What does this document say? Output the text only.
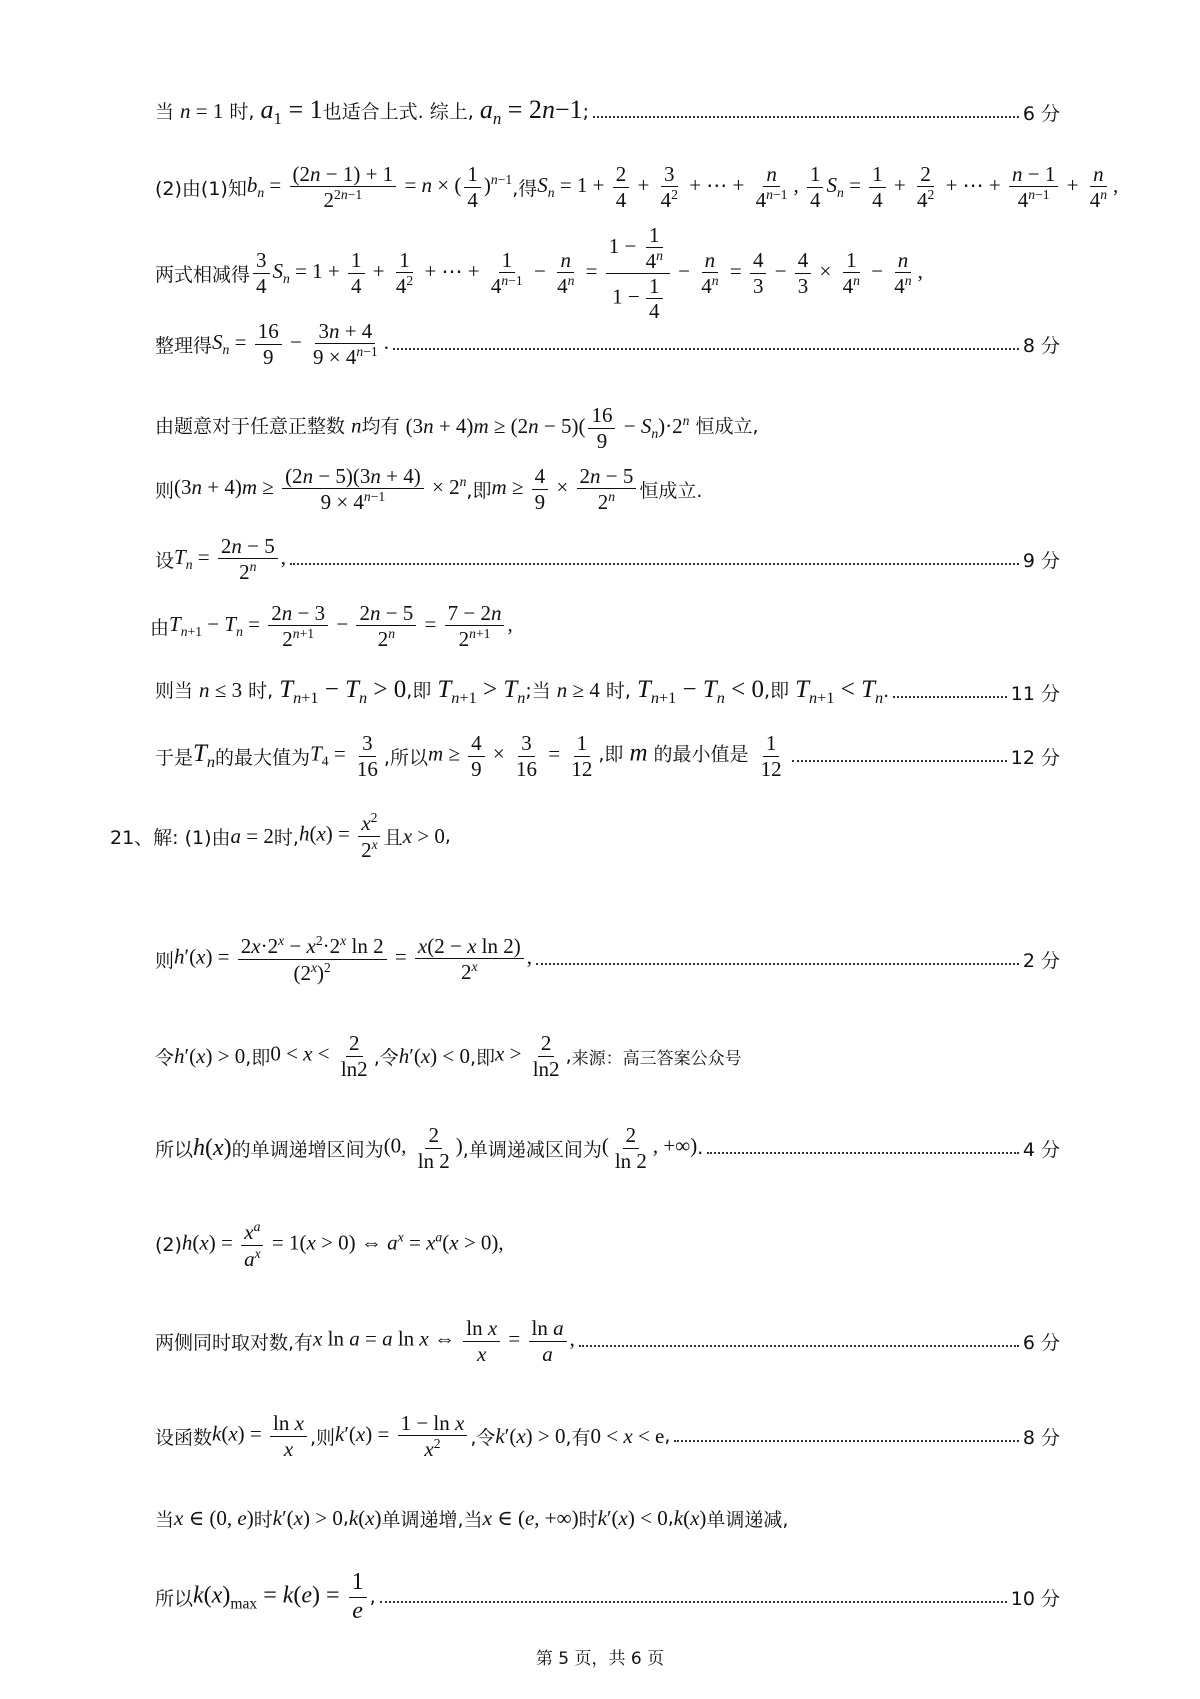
当 n = 1 时, $a_1 = 1$也适合上式. 综上, $a_n = 2n-1$;	6 分
(2)由(1)知 $b_n = \frac{(2n - 1) + 1}{2^{2n-1}} = n$ × ( $\frac{1}{4} )^{n-1}$ ,得 $S_n = 1 + \frac{2}{4} + \frac{3}{4^2}$ + ⋯ + $\frac{n}{4^{n-1}}$ , $\frac{1}{4} S_n = \frac{1}{4} + \frac{2}{4^2}$ + ⋯ + $\frac{n - 1}{4^{n-1}} + \frac{n}{4^n}$ ,
两式相减得 $\frac{3}{4} S_n = 1 + \frac{1}{4} + \frac{1}{4^2}$ + ⋯ + $\frac{1}{4^{n-1}} - \frac{n}{4^n} = \frac{1 - \frac{1}{4^n}}{1 - \frac{1}{4}} - \frac{n}{4^n} = \frac{4}{3} - \frac{4}{3} \times \frac{1}{4^n} - \frac{n}{4^n}$ ,
整理得 $S_n = \frac{16}{9} - \frac{3n + 4}{9 \times 4^{n-1}}$ .	8 分
由题意对于任意正整数 n均有 $(3n + 4)m \ge (2n - 5)( \frac{16}{9} - S_n)\cdot 2^n$ 恒成立,
则 $(3n + 4)m \ge \frac{(2n - 5)(3n + 4)}{9 \times 4^{n-1}} \times 2^n$ ,即 $m \ge \frac{4}{9} \times \frac{2n - 5}{2^n}$ 恒成立.
设 $T_n = \frac{2n - 5}{2^n}$ ,	9 分
由 $T_{n+1} - T_n = \frac{2n - 3}{2^{n+1}} - \frac{2n - 5}{2^n} = \frac{7 - 2n}{2^{n+1}}$ ,
则当 n ≤ 3 时, $T_{n+1} - T_n > 0$,即 $T_{n+1} > T_n$;当 n ≥ 4 时, $T_{n+1} - T_n < 0$,即 $T_{n+1} < T_n$.	11 分
于是 $T_n$ 的最大值为 $T_4 = \frac{3}{16}$ ,所以 $m \ge \frac{4}{9} \times \frac{3}{16} = \frac{1}{12}$ ,即 m 的最小值是 $\frac{1}{12}$	12 分
21、解: (1)由 a = 2 时, $h(x) = \frac{x^2}{2^x}$ 且 x > 0 ,
则 $h'(x) = \frac{2x\cdot 2^x - x^2\cdot 2^x \ln 2}{(2^x)^2} = \frac{\text{x(2 − x ln 2)}}{2^x}$ ,	2 分
令 h′(x) > 0 ,即 $0 < x < \frac{2}{\ln 2}$ ,令 h′(x) < 0 ,即 $x > \frac{2}{\ln 2}$ , 来源：高三答案公众号
所以 h(x) 的单调递增区间为 (0, $\frac{2}{\ln 2}$ ) ,单调递减区间为 ( $\frac{2}{\ln 2}$ , +∞) .	4 分
(2) $h(x) = \frac{x^a}{a^x} = 1(x > 0)$ ⇔ $a^x = x^a(x > 0)$,
两侧同时取对数,有 x ln a = a ln x ⇔ $\frac{\text{ln x}}{x} = \frac{\text{ln a}}{a}$ ,	6 分
设函数 $k(x) = \frac{\text{ln x}}{x}$ ,则 $k'(x) = \frac{\text{1 − ln x}}{x^2}$ ,令 k′(x) > 0 ,有 0 < x < e ,	8 分
当 x ∈ (0, e) 时 k′(x) > 0 , k(x) 单调递增,当 x ∈ (e, +∞) 时 k′(x) < 0 , k(x) 单调递减,
所以 $k(x)_{max} = k(e) = \frac{1}{e}$ ,	10 分
第 5 页，共 6 页
